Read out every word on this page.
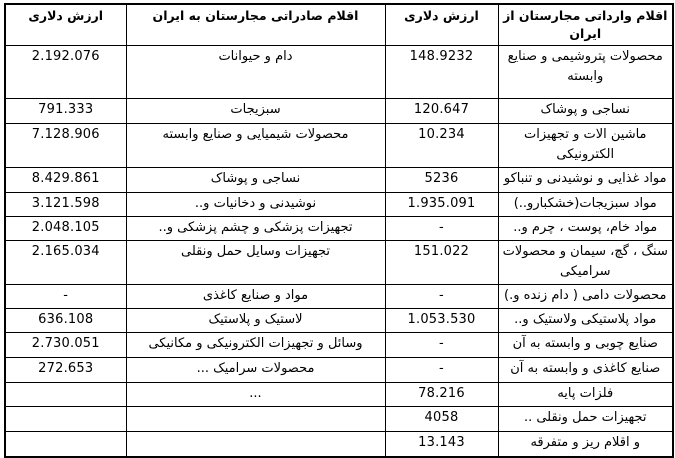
اقلام وارداتی مجارستان از ایران	ارزش دلاری	اقلام صادراتی مجارستان به ایران	ارزش دلاری
محصولات پتروشیمی و صنایع وابسته	148.9232	دام و حیوانات	2.192.076
نساجی و پوشاک	120.647	سبزیجات	791.333
ماشین الات و تجهیزات الکترونیکی	10.234	محصولات شیمیایی و صنایع وابسته	7.128.906
مواد غذایی و نوشیدنی و تنباکو	5236	نساجی و پوشاک	8.429.861
مواد سبزیجات(خشکبارو..)	1.935.091	نوشیدنی و دخانیات و..	3.121.598
مواد خام، پوست ، چرم و..	-	تجهیزات پزشکی و چشم پزشکی و..	2.048.105
سنگ ، گچ، سیمان و محصولات سرامیکی	151.022	تجهیزات وسایل حمل ونقلی	2.165.034
محصولات دامی ( دام زنده و.)	-	مواد و صنایع کاغذی	-
مواد پلاستیکی ولاستیک و..	1.053.530	لاستیک و پلاستیک	636.108
صنایع چوبی و وابسته به آن	-	وسائل و تجهیزات الکترونیکی و مکانیکی	2.730.051
صنایع کاغذی و وابسته به آن	-	محصولات سرامیک ...	272.653
فلزات پایه	78.216	...	
تجهیزات حمل ونقلی ..	4058		
و اقلام ریز و متفرقه	13.143		
